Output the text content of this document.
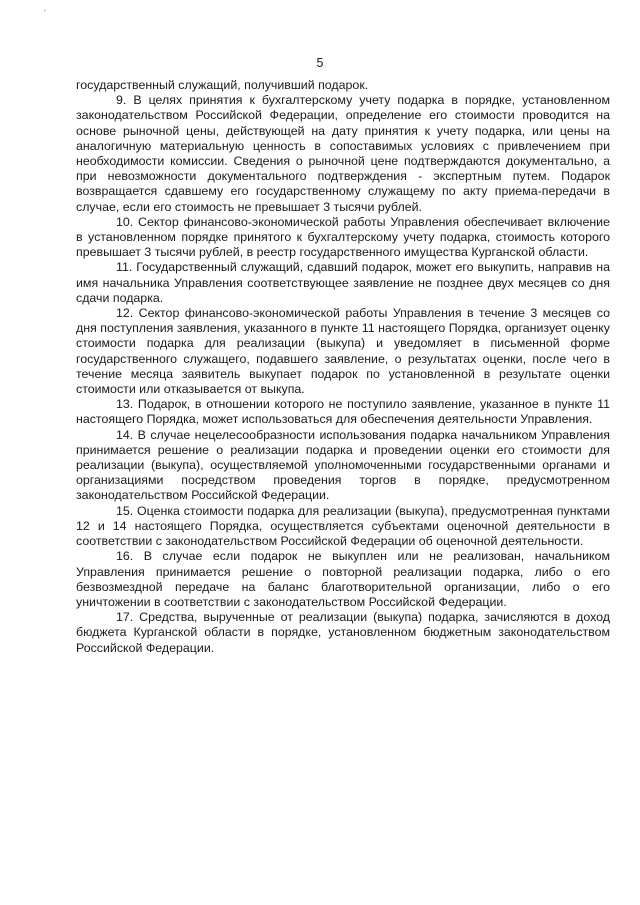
'
5

государственный служащий, получивший подарок.

9. В целях принятия к бухгалтерскому учету подарка в порядке, установленном законодательством Российской Федерации, определение его стоимости проводится на основе рыночной цены, действующей на дату принятия к учету подарка, или цены на аналогичную материальную ценность в сопоставимых условиях с привлечением при необходимости комиссии. Сведения о рыночной цене подтверждаются документально, а при невозможности документального подтверждения - экспертным путем. Подарок возвращается сдавшему его государственному служащему по акту приема-передачи в случае, если его стоимость не превышает 3 тысячи рублей.

10. Сектор финансово-экономической работы Управления обеспечивает включение в установленном порядке принятого к бухгалтерскому учету подарка, стоимость которого превышает 3 тысячи рублей, в реестр государственного имущества Курганской области.

11. Государственный служащий, сдавший подарок, может его выкупить, направив на имя начальника Управления соответствующее заявление не позднее двух месяцев со дня сдачи подарка.

12. Сектор финансово-экономической работы Управления в течение 3 месяцев со дня поступления заявления, указанного в пункте 11 настоящего Порядка, организует оценку стоимости подарка для реализации (выкупа) и уведомляет в письменной форме государственного служащего, подавшего заявление, о результатах оценки, после чего в течение месяца заявитель выкупает подарок по установленной в результате оценки стоимости или отказывается от выкупа.

13. Подарок, в отношении которого не поступило заявление, указанное в пункте 11 настоящего Порядка, может использоваться для обеспечения деятельности Управления.

14. В случае нецелесообразности использования подарка начальником Управления принимается решение о реализации подарка и проведении оценки его стоимости для реализации (выкупа), осуществляемой уполномоченными государственными органами и организациями посредством проведения торгов в порядке, предусмотренном законодательством Российской Федерации.

15. Оценка стоимости подарка для реализации (выкупа), предусмотренная пунктами 12 и 14 настоящего Порядка, осуществляется субъектами оценочной деятельности в соответствии с законодательством Российской Федерации об оценочной деятельности.

16. В случае если подарок не выкуплен или не реализован, начальником Управления принимается решение о повторной реализации подарка, либо о его безвозмездной передаче на баланс благотворительной организации, либо о его уничтожении в соответствии с законодательством Российской Федерации.

17. Средства, вырученные от реализации (выкупа) подарка, зачисляются в доход бюджета Курганской области в порядке, установленном бюджетным законодательством Российской Федерации.
